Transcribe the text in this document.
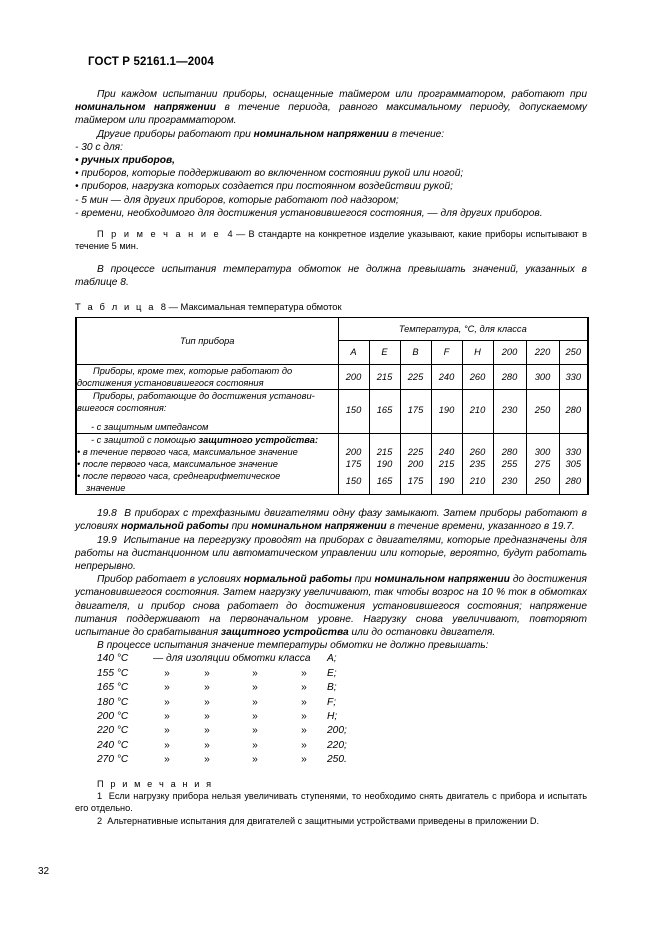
ГОСТ Р 52161.1—2004

При каждом испытании приборы, оснащенные таймером или программатором, работают при номинальном напряжении в течение периода, равного максимальному периоду, допускаемому таймером или программатором.

Другие приборы работают при номинальном напряжении в течение:

- 30 с для:

• ручных приборов,

• приборов, которые поддерживают во включенном состоянии рукой или ногой;

• приборов, нагрузка которых создается при постоянном воздействии рукой;

- 5 мин — для других приборов, которые работают под надзором;

- времени, необходимого для достижения установившегося состояния, — для других приборов.

П р и м е ч а н и е 4 — В стандарте на конкретное изделие указывают, какие приборы испытывают в течение 5 мин.

В процессе испытания температура обмоток не должна превышать значений, указанных в таблице 8.

Т а б л и ц а 8 — Максимальная температура обмоток

Тип прибора	Температура, °С, для класса							
	A	E	B	F	H	200	220	250

Приборы, кроме тех, которые работают до
достижения установившегося состояния	200	215	225	240	260	280	300	330

Приборы, работающие до достижения установи-
вшегося состояния:
- с защитным импедансом	150	165	175	190	210	230	250	280

- с защитой с помощью защитного устройства:								

• в течение первого часа, максимальное значение	200	215	225	240	260	280	300	330

• после первого часа, максимальное значение	175	190	200	215	235	255	275	305

• после первого часа, среднеарифметическое
значение	150	165	175	190	210	230	250	280

19.8 В приборах с трехфазными двигателями одну фазу замыкают. Затем приборы работают в условиях нормальной работы при номинальном напряжении в течение времени, указанного в 19.7.

19.9 Испытание на перегрузку проводят на приборах с двигателями, которые предназначены для работы на дистанционном или автоматическом управлении или которые, вероятно, будут работать непрерывно.

Прибор работает в условиях нормальной работы при номинальном напряжении до достижения установившегося состояния. Затем нагрузку увеличивают, так чтобы возрос на 10 % ток в обмотках двигателя, и прибор снова работает до достижения установившегося состояния; напряжение питания поддерживают на первоначальном уровне. Нагрузку снова увеличивают, повторяют испытание до срабатывания защитного устройства или до остановки двигателя.

В процессе испытания значение температуры обмотки не должно превышать:

140 °С	— для изоляции обмотки класса				A;
155 °С	»	»	»	»	E;
165 °С	»	»	»	»	B;
180 °С	»	»	»	»	F;
200 °С	»	»	»	»	H;
220 °С	»	»	»	»	200;
240 °С	»	»	»	»	220;
270 °С	»	»	»	»	250.

П р и м е ч а н и я

1 Если нагрузку прибора нельзя увеличивать ступенями, то необходимо снять двигатель с прибора и испытать его отдельно.

2 Альтернативные испытания для двигателей с защитными устройствами приведены в приложении D.

32
